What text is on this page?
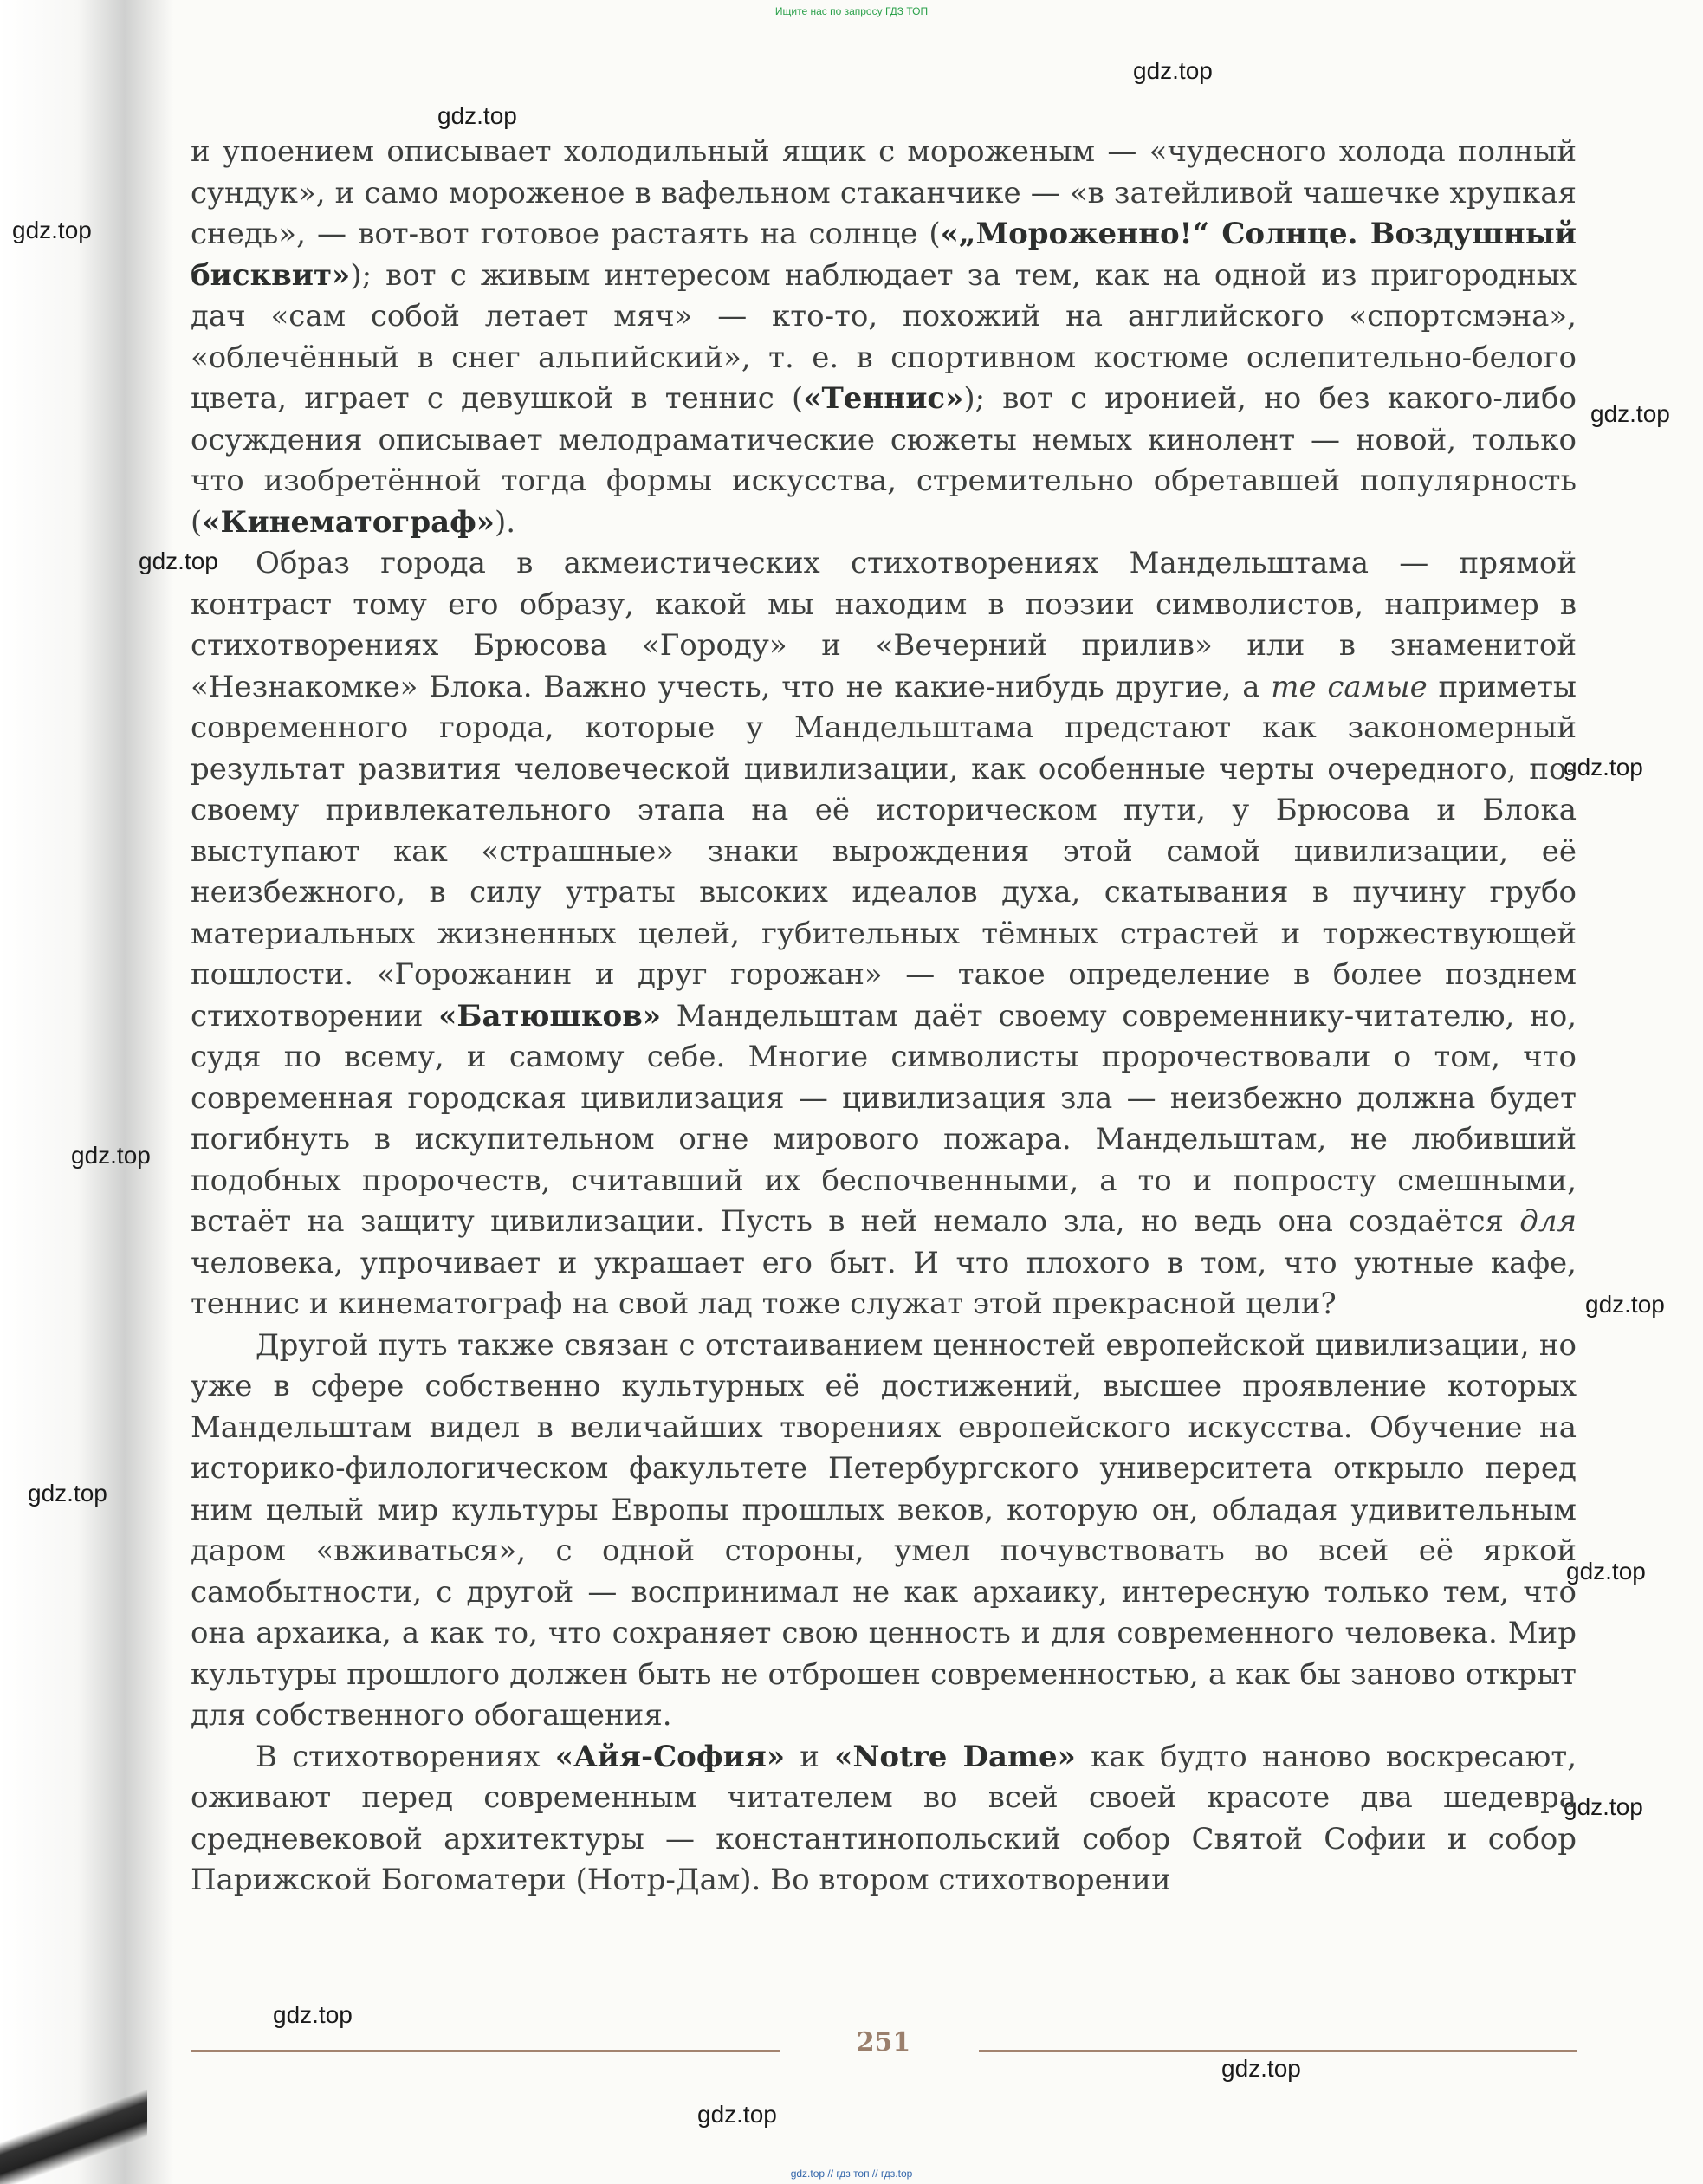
Ищите нас по запросу ГДЗ ТОП
gdz.top
gdz.top
gdz.top
gdz.top
gdz.top
gdz.top
gdz.top
gdz.top
gdz.top
gdz.top
gdz.top
gdz.top
gdz.top
gdz.top

и упоением описывает холодильный ящик с мороженым — «чудесного холода полный сундук», и само мороженое в вафельном стаканчике — «в затейливой чашечке хрупкая снедь», — вот-вот готовое растаять на солнце («„Мороженно!“ Солнце. Воздушный бисквит»); вот с живым интересом наблюдает за тем, как на одной из пригородных дач «сам собой летает мяч» — кто-то, похожий на английского «спортсмэна», «облечённый в снег альпийский», т. е. в спортивном костюме ослепительно-белого цвета, играет с девушкой в теннис («Теннис»); вот с иронией, но без какого-либо осуждения описывает мелодраматические сюжеты немых кинолент — новой, только что изобретённой тогда формы искусства, стремительно обретавшей популярность («Кинематограф»).

Образ города в акмеистических стихотворениях Мандельштама — прямой контраст тому его образу, какой мы находим в поэзии символистов, например в стихотворениях Брюсова «Городу» и «Вечерний прилив» или в знаменитой «Незнакомке» Блока. Важно учесть, что не какие-нибудь другие, а те самые приметы современного города, которые у Мандельштама предстают как закономерный результат развития человеческой цивилизации, как особенные черты очередного, по-своему привлекательного этапа на её историческом пути, у Брюсова и Блока выступают как «страшные» знаки вырождения этой самой цивилизации, её неизбежного, в силу утраты высоких идеалов духа, скатывания в пучину грубо материальных жизненных целей, губительных тёмных страстей и торжествующей пошлости. «Горожанин и друг горожан» — такое определение в более позднем стихотворении «Батюшков» Мандельштам даёт своему современнику-читателю, но, судя по всему, и самому себе. Многие символисты пророчествовали о том, что современная городская цивилизация — цивилизация зла — неизбежно должна будет погибнуть в искупительном огне мирового пожара. Мандельштам, не любивший подобных пророчеств, считавший их беспочвенными, а то и попросту смешными, встаёт на защиту цивилизации. Пусть в ней немало зла, но ведь она создаётся для человека, упрочивает и украшает его быт. И что плохого в том, что уютные кафе, теннис и кинематограф на свой лад тоже служат этой прекрасной цели?

Другой путь также связан с отстаиванием ценностей европейской цивилизации, но уже в сфере собственно культурных её достижений, высшее проявление которых Мандельштам видел в величайших творениях европейского искусства. Обучение на историко-филологическом факультете Петербургского университета открыло перед ним целый мир культуры Европы прошлых веков, которую он, обладая удивительным даром «вживаться», с одной стороны, умел почувствовать во всей её яркой самобытности, с другой — воспринимал не как архаику, интересную только тем, что она архаика, а как то, что сохраняет свою ценность и для современного человека. Мир культуры прошлого должен быть не отброшен современностью, а как бы заново открыт для собственного обогащения.

В стихотворениях «Айя-София» и «Notre Dame» как будто наново воскресают, оживают перед современным читателем во всей своей красоте два шедевра средневековой архитектуры — константинопольский собор Святой Софии и собор Парижской Богоматери (Нотр-Дам). Во втором стихотворении

251
gdz.top // гдз топ // гдз.top
